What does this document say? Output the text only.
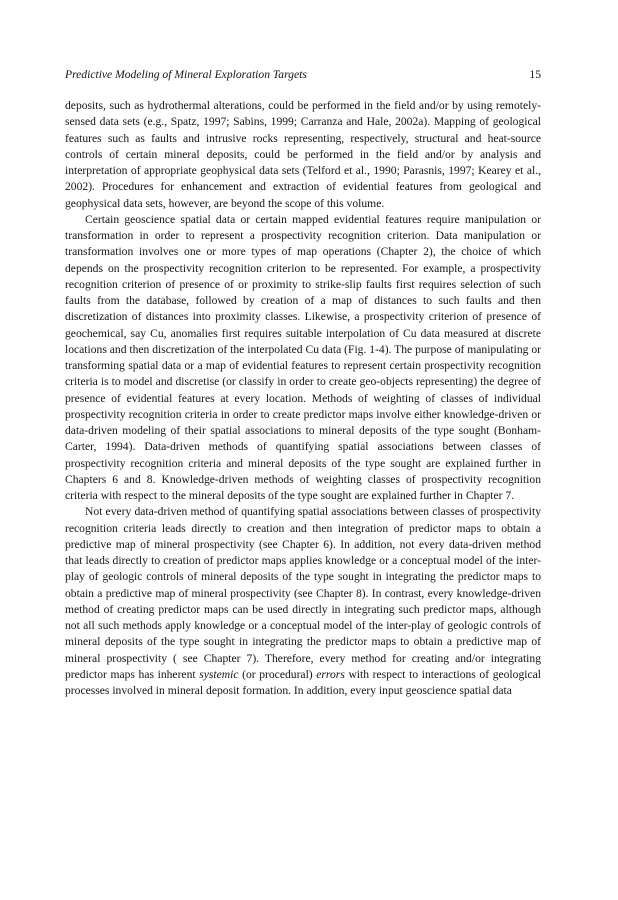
Predictive Modeling of Mineral Exploration Targets	15

deposits, such as hydrothermal alterations, could be performed in the field and/or by using remotely-sensed data sets (e.g., Spatz, 1997; Sabins, 1999; Carranza and Hale, 2002a). Mapping of geological features such as faults and intrusive rocks representing, respectively, structural and heat-source controls of certain mineral deposits, could be performed in the field and/or by analysis and interpretation of appropriate geophysical data sets (Telford et al., 1990; Parasnis, 1997; Kearey et al., 2002). Procedures for enhancement and extraction of evidential features from geological and geophysical data sets, however, are beyond the scope of this volume.

Certain geoscience spatial data or certain mapped evidential features require manipulation or transformation in order to represent a prospectivity recognition criterion. Data manipulation or transformation involves one or more types of map operations (Chapter 2), the choice of which depends on the prospectivity recognition criterion to be represented. For example, a prospectivity recognition criterion of presence of or proximity to strike-slip faults first requires selection of such faults from the database, followed by creation of a map of distances to such faults and then discretization of distances into proximity classes. Likewise, a prospectivity criterion of presence of geochemical, say Cu, anomalies first requires suitable interpolation of Cu data measured at discrete locations and then discretization of the interpolated Cu data (Fig. 1-4). The purpose of manipulating or transforming spatial data or a map of evidential features to represent certain prospectivity recognition criteria is to model and discretise (or classify in order to create geo-objects representing) the degree of presence of evidential features at every location. Methods of weighting of classes of individual prospectivity recognition criteria in order to create predictor maps involve either knowledge-driven or data-driven modeling of their spatial associations to mineral deposits of the type sought (Bonham-Carter, 1994). Data-driven methods of quantifying spatial associations between classes of prospectivity recognition criteria and mineral deposits of the type sought are explained further in Chapters 6 and 8. Knowledge-driven methods of weighting classes of prospectivity recognition criteria with respect to the mineral deposits of the type sought are explained further in Chapter 7.

Not every data-driven method of quantifying spatial associations between classes of prospectivity recognition criteria leads directly to creation and then integration of predictor maps to obtain a predictive map of mineral prospectivity (see Chapter 6). In addition, not every data-driven method that leads directly to creation of predictor maps applies knowledge or a conceptual model of the inter-play of geologic controls of mineral deposits of the type sought in integrating the predictor maps to obtain a predictive map of mineral prospectivity (see Chapter 8). In contrast, every knowledge-driven method of creating predictor maps can be used directly in integrating such predictor maps, although not all such methods apply knowledge or a conceptual model of the inter-play of geologic controls of mineral deposits of the type sought in integrating the predictor maps to obtain a predictive map of mineral prospectivity ( see Chapter 7). Therefore, every method for creating and/or integrating predictor maps has inherent systemic (or procedural) errors with respect to interactions of geological processes involved in mineral deposit formation. In addition, every input geoscience spatial data
